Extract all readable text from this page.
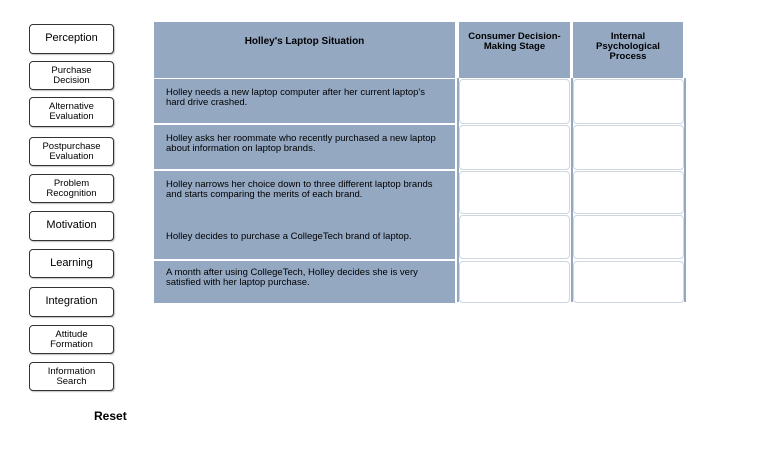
Perception
Purchase Decision
Alternative Evaluation
Postpurchase Evaluation
Problem Recognition
Motivation
Learning
Integration
Attitude Formation
Information Search
Reset
Holley's Laptop Situation	Consumer Decision-Making Stage
Internal Psychological Process
Holley needs a new laptop computer after her current laptop's hard drive crashed.
Holley asks her roommate who recently purchased a new laptop about information on laptop brands.
Holley narrows her choice down to three different laptop brands and starts comparing the merits of each brand.
Holley decides to purchase a CollegeTech brand of laptop.
A month after using CollegeTech, Holley decides she is very satisfied with her laptop purchase.
